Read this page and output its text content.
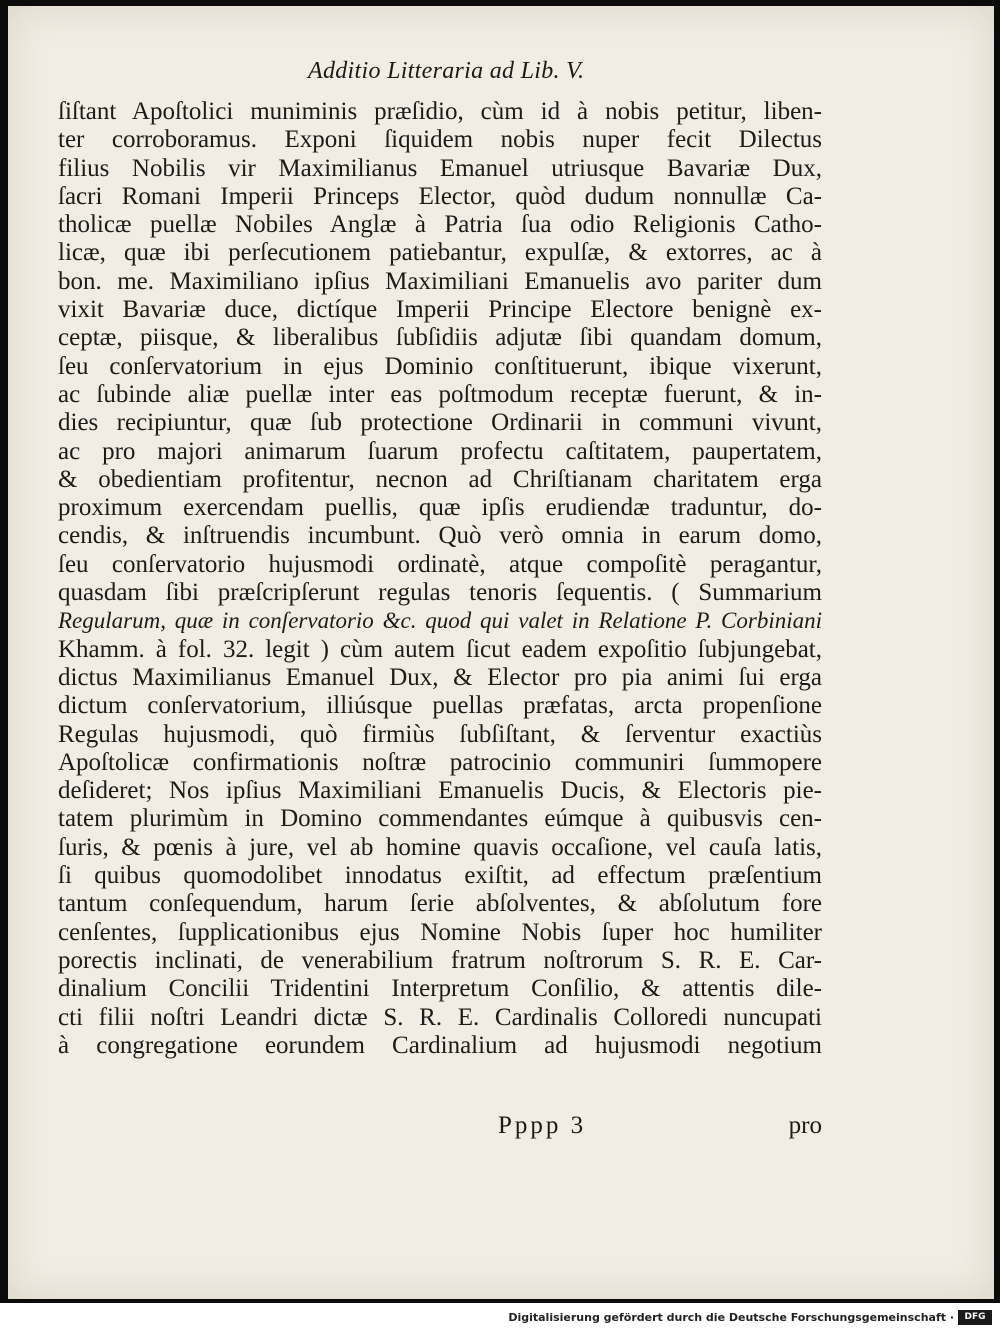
Additio Litteraria ad Lib. V.
ſiſtant Apoſtolici muniminis præſidio, cùm id à nobis petitur, liben-
ter corroboramus. Exponi ſiquidem nobis nuper fecit Dilectus
filius Nobilis vir Maximilianus Emanuel utriusque Bavariæ Dux,
ſacri Romani Imperii Princeps Elector, quòd dudum nonnullæ Ca-
tholicæ puellæ Nobiles Anglæ à Patria ſua odio Religionis Catho-
licæ, quæ ibi perſecutionem patiebantur, expulſæ, & extorres, ac à
bon. me. Maximiliano ipſius Maximiliani Emanuelis avo pariter dum
vixit Bavariæ duce, dictíque Imperii Principe Electore benignè ex-
ceptæ, piisque, & liberalibus ſubſidiis adjutæ ſibi quandam domum,
ſeu conſervatorium in ejus Dominio conſtituerunt, ibique vixerunt,
ac ſubinde aliæ puellæ inter eas poſtmodum receptæ fuerunt, & in-
dies recipiuntur, quæ ſub protectione Ordinarii in communi vivunt,
ac pro majori animarum ſuarum profectu caſtitatem, paupertatem,
& obedientiam profitentur, necnon ad Chriſtianam charitatem erga
proximum exercendam puellis, quæ ipſis erudiendæ traduntur, do-
cendis, & inſtruendis incumbunt. Quò verò omnia in earum domo,
ſeu conſervatorio hujusmodi ordinatè, atque compoſitè peragantur,
quasdam ſibi præſcripſerunt regulas tenoris ſequentis. ( Summarium
Regularum, quæ in conſervatorio &c. quod qui valet in Relatione P. Corbiniani
Khamm. à fol. 32. legit ) cùm autem ſicut eadem expoſitio ſubjungebat,
dictus Maximilianus Emanuel Dux, & Elector pro pia animi ſui erga
dictum conſervatorium, illiúsque puellas præfatas, arcta propenſione
Regulas hujusmodi, quò firmiùs ſubſiſtant, & ſerventur exactiùs
Apoſtolicæ confirmationis noſtræ patrocinio communiri ſummopere
deſideret; Nos ipſius Maximiliani Emanuelis Ducis, & Electoris pie-
tatem plurimùm in Domino commendantes eúmque à quibusvis cen-
ſuris, & pœnis à jure, vel ab homine quavis occaſione, vel cauſa latis,
ſi quibus quomodolibet innodatus exiſtit, ad effectum præſentium
tantum conſequendum, harum ſerie abſolventes, & abſolutum fore
cenſentes, ſupplicationibus ejus Nomine Nobis ſuper hoc humiliter
porectis inclinati, de venerabilium fratrum noſtrorum S. R. E. Car-
dinalium Concilii Tridentini Interpretum Conſilio, & attentis dile-
cti filii noſtri Leandri dictæ S. R. E. Cardinalis Colloredi nuncupati
à congregatione eorundem Cardinalium ad hujusmodi negotium
Pppp 3	pro
Digitalisierung gefördert durch die Deutsche Forschungsgemeinschaft ·	DFG
